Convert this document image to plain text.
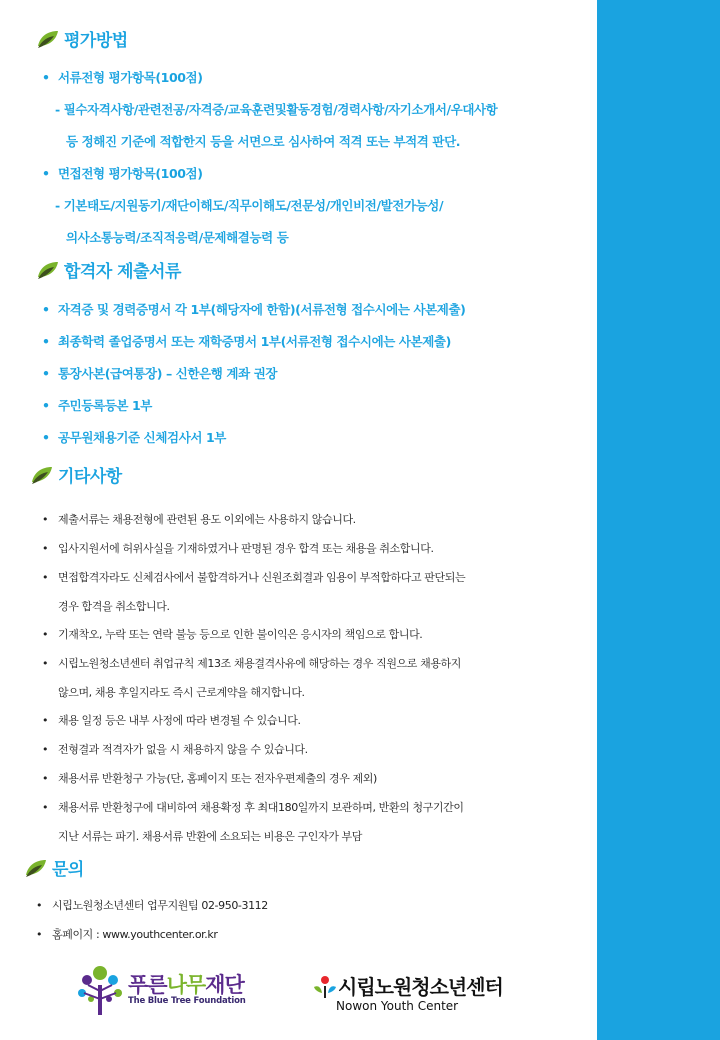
평가방법
• 서류전형 평가항목(100점)
- 필수자격사항/관련전공/자격증/교육훈련및활동경험/경력사항/자기소개서/우대사항
등 정해진 기준에 적합한지 등을 서면으로 심사하여 적격 또는 부적격 판단.
• 면접전형 평가항목(100점)
- 기본태도/지원동기/재단이해도/직무이해도/전문성/개인비전/발전가능성/
의사소통능력/조직적응력/문제해결능력 등
합격자 제출서류
• 자격증 및 경력증명서 각 1부(해당자에 한함)(서류전형 접수시에는 사본제출)
• 최종학력 졸업증명서 또는 재학증명서 1부(서류전형 접수시에는 사본제출)
• 통장사본(급여통장) – 신한은행 계좌 권장
• 주민등록등본 1부
• 공무원채용기준 신체검사서 1부
기타사항
• 제출서류는 채용전형에 관련된 용도 이외에는 사용하지 않습니다.
• 입사지원서에 허위사실을 기재하였거나 판명된 경우 합격 또는 채용을 취소합니다.
• 면접합격자라도 신체검사에서 불합격하거나 신원조회결과 임용이 부적합하다고 판단되는
경우 합격을 취소합니다.
• 기재착오, 누락 또는 연락 불능 등으로 인한 불이익은 응시자의 책임으로 합니다.
• 시립노원청소년센터 취업규칙 제13조 채용결격사유에 해당하는 경우 직원으로 채용하지
않으며, 채용 후일지라도 즉시 근로계약을 해지합니다.
• 채용 일정 등은 내부 사정에 따라 변경될 수 있습니다.
• 전형결과 적격자가 없을 시 채용하지 않을 수 있습니다.
• 채용서류 반환청구 가능(단, 홈페이지 또는 전자우편제출의 경우 제외)
• 채용서류 반환청구에 대비하여 채용확정 후 최대180일까지 보관하며, 반환의 청구기간이
지난 서류는 파기. 채용서류 반환에 소요되는 비용은 구인자가 부담
문의
• 시립노원청소년센터 업무지원팀 02-950-3112
• 홈페이지 : www.youthcenter.or.kr
푸른나무재단
The Blue Tree Foundation
시립노원청소년센터
Nowon Youth Center
